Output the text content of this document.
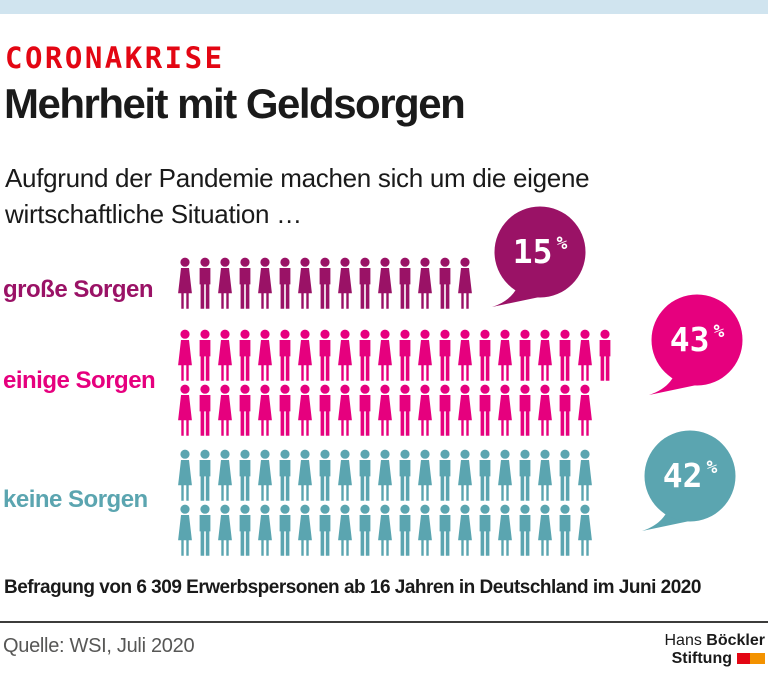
CORONAKRISE
Mehrheit mit Geldsorgen
Aufgrund der Pandemie machen sich um die eigene
wirtschaftliche Situation …
große Sorgen
15 %
einige Sorgen
43 %
keine Sorgen
42 %
Befragung von 6 309 Erwerbspersonen ab 16 Jahren in Deutschland im Juni 2020
Quelle: WSI, Juli 2020	Hans Böckler
Stiftung
